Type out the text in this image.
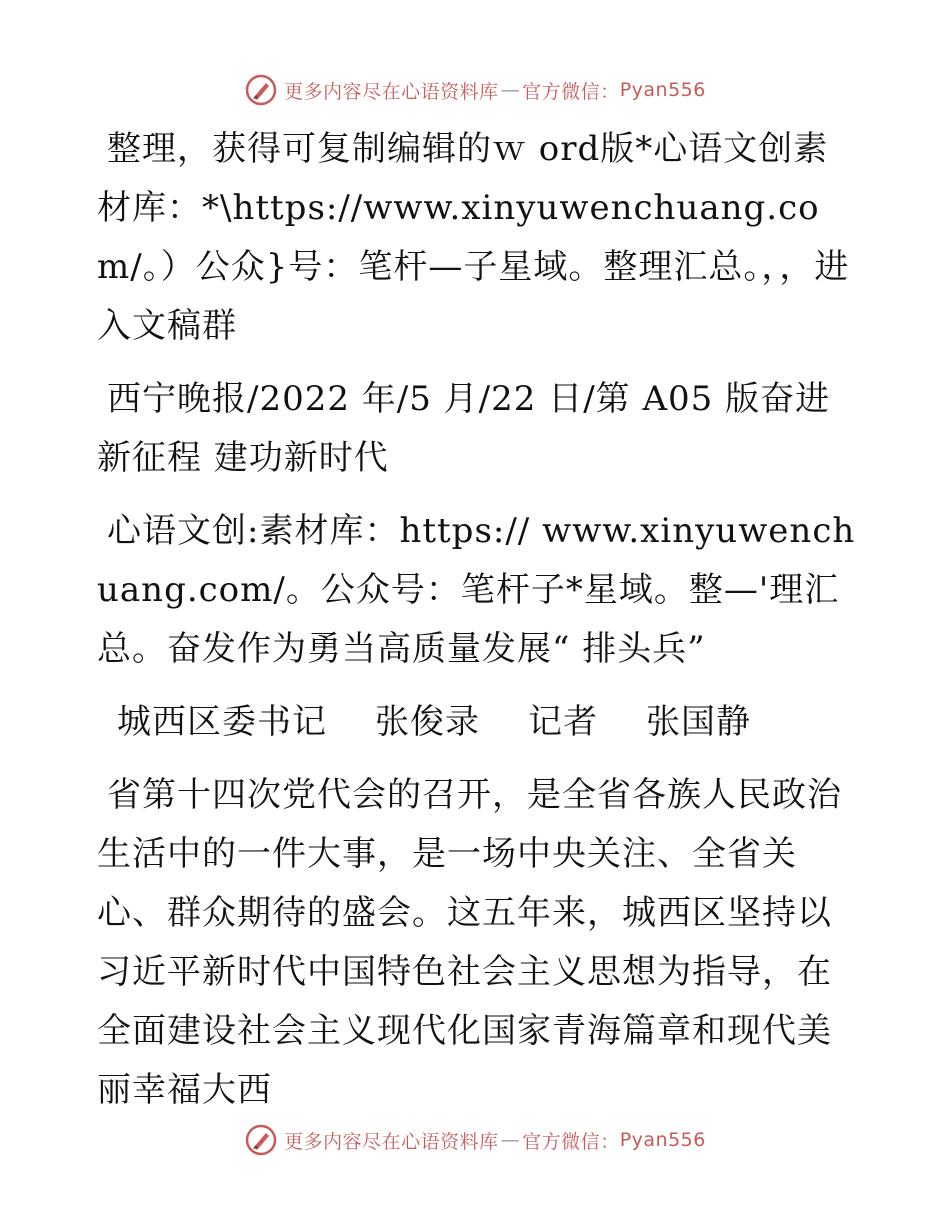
更多内容尽在心语资料库 — 官方微信： Pyan556

整理，获得可复制编辑的ｗ ord版*心语文创素材库：*\https://www.xinyuwenchuang.com/。）公众}号：笔杆—子星域。整理汇总。，，进入文稿群

西宁晚报/2022 年/5 月/22 日/第 A05 版奋进新征程 建功新时代

心语文创:素材库：https:// www.xinyuwenchuang.com/。公众号：笔杆子*星域。整—'理汇总。奋发作为勇当高质量发展“ 排头兵”

城西区委书记 张俊录 记者 张国静

省第十四次党代会的召开，是全省各族人民政治生活中的一件大事，是一场中央关注、全省关心、群众期待的盛会。这五年来，城西区坚持以习近平新时代中国特色社会主义思想为指导，在全面建设社会主义现代化国家青海篇章和现代美丽幸福大西

更多内容尽在心语资料库 — 官方微信： Pyan556
